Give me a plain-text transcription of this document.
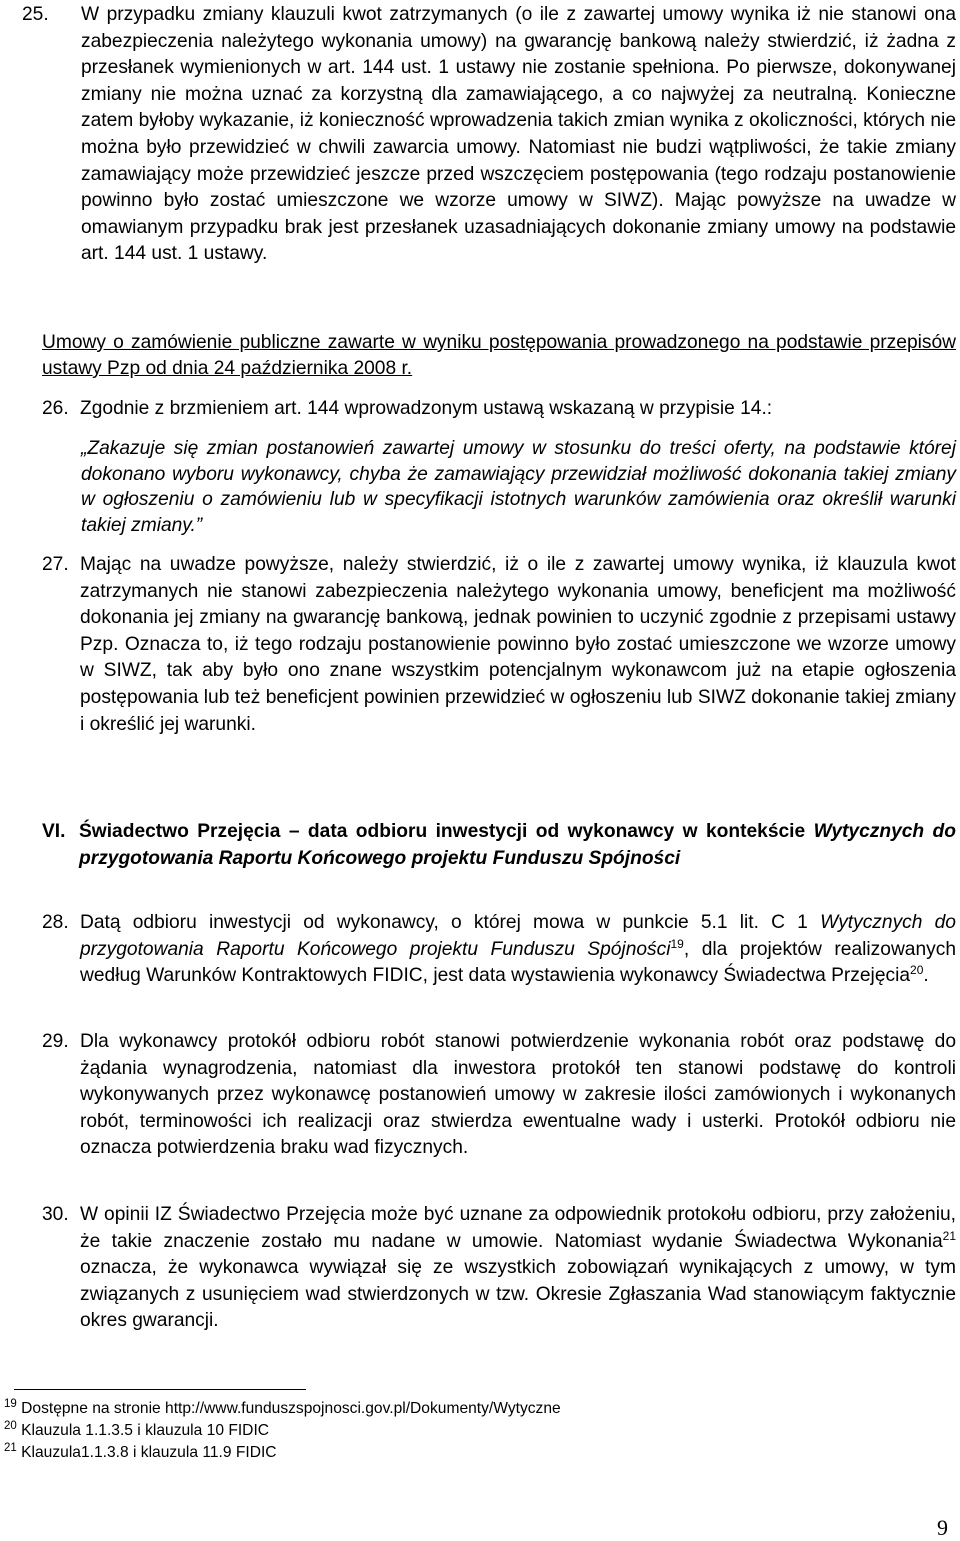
25. W przypadku zmiany klauzuli kwot zatrzymanych (o ile z zawartej umowy wynika iż nie stanowi ona zabezpieczenia należytego wykonania umowy) na gwarancję bankową należy stwierdzić, iż żadna z przesłanek wymienionych w art. 144 ust. 1 ustawy nie zostanie spełniona. Po pierwsze, dokonywanej zmiany nie można uznać za korzystną dla zamawiającego, a co najwyżej za neutralną. Konieczne zatem byłoby wykazanie, iż konieczność wprowadzenia takich zmian wynika z okoliczności, których nie można było przewidzieć w chwili zawarcia umowy. Natomiast nie budzi wątpliwości, że takie zmiany zamawiający może przewidzieć jeszcze przed wszczęciem postępowania (tego rodzaju postanowienie powinno było zostać umieszczone we wzorze umowy w SIWZ). Mając powyższe na uwadze w omawianym przypadku brak jest przesłanek uzasadniających dokonanie zmiany umowy na podstawie art. 144 ust. 1 ustawy.
Umowy o zamówienie publiczne zawarte w wyniku postępowania prowadzonego na podstawie przepisów ustawy Pzp od dnia 24 października 2008 r.
26. Zgodnie z brzmieniem art. 144 wprowadzonym ustawą wskazaną w przypisie 14.:
„Zakazuje się zmian postanowień zawartej umowy w stosunku do treści oferty, na podstawie której dokonano wyboru wykonawcy, chyba że zamawiający przewidział możliwość dokonania takiej zmiany w ogłoszeniu o zamówieniu lub w specyfikacji istotnych warunków zamówienia oraz określił warunki takiej zmiany.”
27. Mając na uwadze powyższe, należy stwierdzić, iż o ile z zawartej umowy wynika, iż klauzula kwot zatrzymanych nie stanowi zabezpieczenia należytego wykonania umowy, beneficjent ma możliwość dokonania jej zmiany na gwarancję bankową, jednak powinien to uczynić zgodnie z przepisami ustawy Pzp. Oznacza to, iż tego rodzaju postanowienie powinno było zostać umieszczone we wzorze umowy w SIWZ, tak aby było ono znane wszystkim potencjalnym wykonawcom już na etapie ogłoszenia postępowania lub też beneficjent powinien przewidzieć w ogłoszeniu lub SIWZ dokonanie takiej zmiany i określić jej warunki.
VI. Świadectwo Przejęcia – data odbioru inwestycji od wykonawcy w kontekście Wytycznych do przygotowania Raportu Końcowego projektu Funduszu Spójności
28. Datą odbioru inwestycji od wykonawcy, o której mowa w punkcie 5.1 lit. C 1 Wytycznych do przygotowania Raportu Końcowego projektu Funduszu Spójności$^{19}$, dla projektów realizowanych według Warunków Kontraktowych FIDIC, jest data wystawienia wykonawcy Świadectwa Przejęcia$^{20}$.
29. Dla wykonawcy protokół odbioru robót stanowi potwierdzenie wykonania robót oraz podstawę do żądania wynagrodzenia, natomiast dla inwestora protokół ten stanowi podstawę do kontroli wykonywanych przez wykonawcę postanowień umowy w zakresie ilości zamówionych i wykonanych robót, terminowości ich realizacji oraz stwierdza ewentualne wady i usterki. Protokół odbioru nie oznacza potwierdzenia braku wad fizycznych.
30. W opinii IZ Świadectwo Przejęcia może być uznane za odpowiednik protokołu odbioru, przy założeniu, że takie znaczenie zostało mu nadane w umowie. Natomiast wydanie Świadectwa Wykonania$^{21}$ oznacza, że wykonawca wywiązał się ze wszystkich zobowiązań wynikających z umowy, w tym związanych z usunięciem wad stwierdzonych w tzw. Okresie Zgłaszania Wad stanowiącym faktycznie okres gwarancji.
$^{19}$ Dostępne na stronie http://www.funduszspojnosci.gov.pl/Dokumenty/Wytyczne
$^{20}$ Klauzula 1.1.3.5 i klauzula 10 FIDIC
$^{21}$ Klauzula1.1.3.8 i klauzula 11.9 FIDIC
9
